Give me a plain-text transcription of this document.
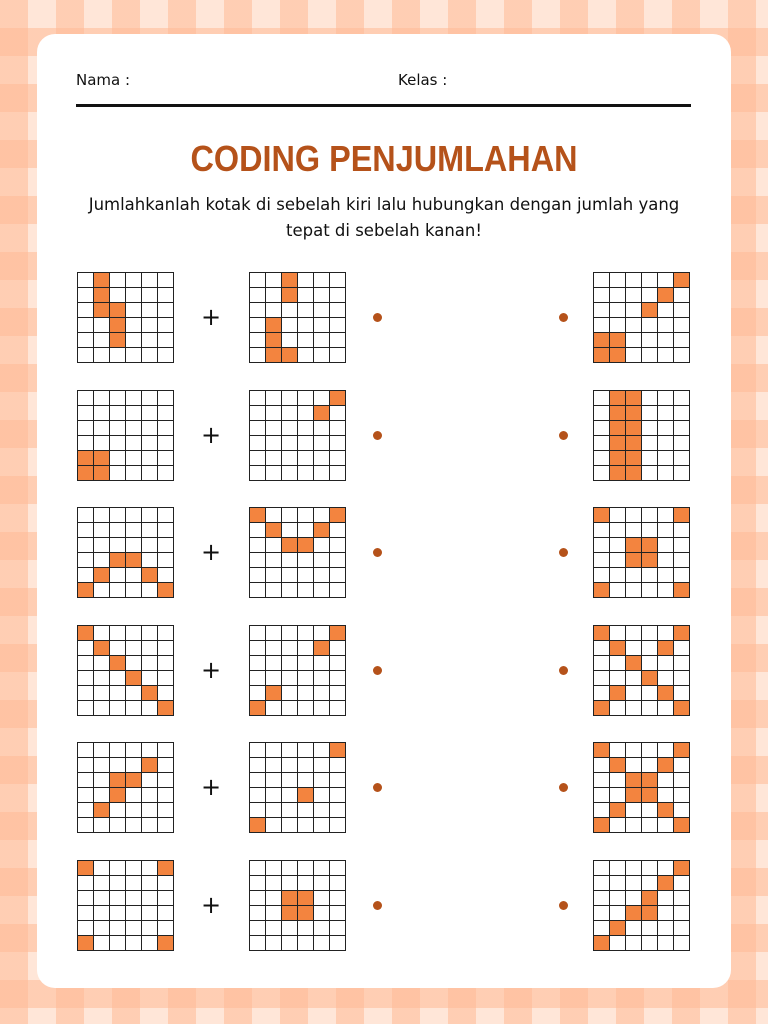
Nama :	Kelas :
CODING PENJUMLAHAN
Jumlahkanlah kotak di sebelah kiri lalu hubungkan dengan jumlah yang tepat di sebelah kanan!
+
+
+
+
+
+
